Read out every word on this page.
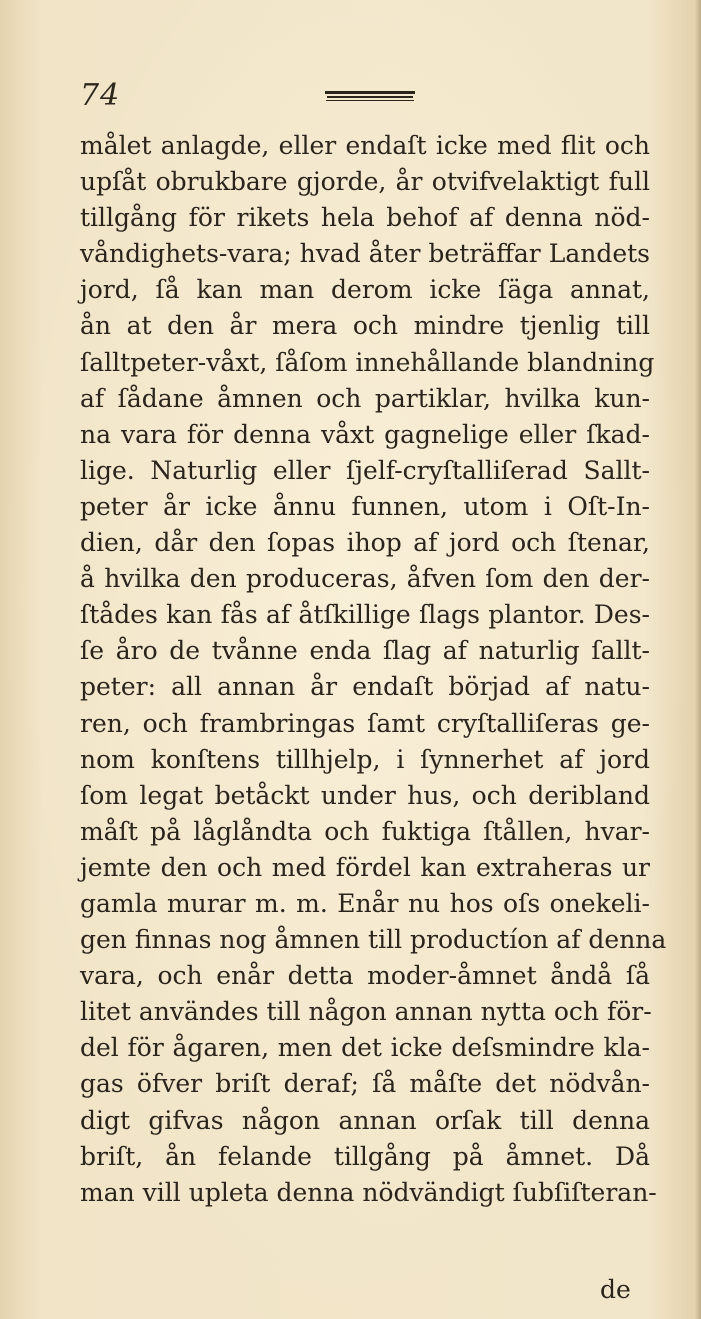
74
målet anlagde, eller endaſt icke med flit och
upſåt obrukbare gjorde, år otvifvelaktigt full
tillgång för rikets hela behof af denna nöd-
våndighets-vara; hvad åter beträffar Landets
jord, ſå kan man derom icke ſäga annat,
ån at den år mera och mindre tjenlig till
ſalltpeter-våxt, ſåſom innehållande blandning
af ſådane åmnen och partiklar, hvilka kun-
na vara för denna våxt gagnelige eller ſkad-
lige. Naturlig eller ſjelf-cryſtalliſerad Sallt-
peter år icke ånnu funnen, utom i Oſt-In-
dien, dår den ſopas ihop af jord och ſtenar,
å hvilka den produceras, åfven ſom den der-
ſtådes kan fås af åtſkillige ſlags plantor. Des-
ſe åro de tvånne enda ſlag af naturlig ſallt-
peter: all annan år endaſt börjad af natu-
ren, och frambringas ſamt cryſtalliſeras ge-
nom konſtens tillhjelp, i ſynnerhet af jord
ſom legat betåckt under hus, och deribland
måſt på låglåndta och fuktiga ſtållen, hvar-
jemte den och med fördel kan extraheras ur
gamla murar m. m. Enår nu hos oſs onekeli-
gen finnas nog åmnen till productíon af denna
vara, och enår detta moder-åmnet åndå ſå
litet användes till någon annan nytta och för-
del för ågaren, men det icke deſsmindre kla-
gas öfver briſt deraf; ſå måſte det nödvån-
digt gifvas någon annan orſak till denna
briſt, ån felande tillgång på åmnet. Då
man vill upleta denna nödvändigt ſubſiſteran-
de
